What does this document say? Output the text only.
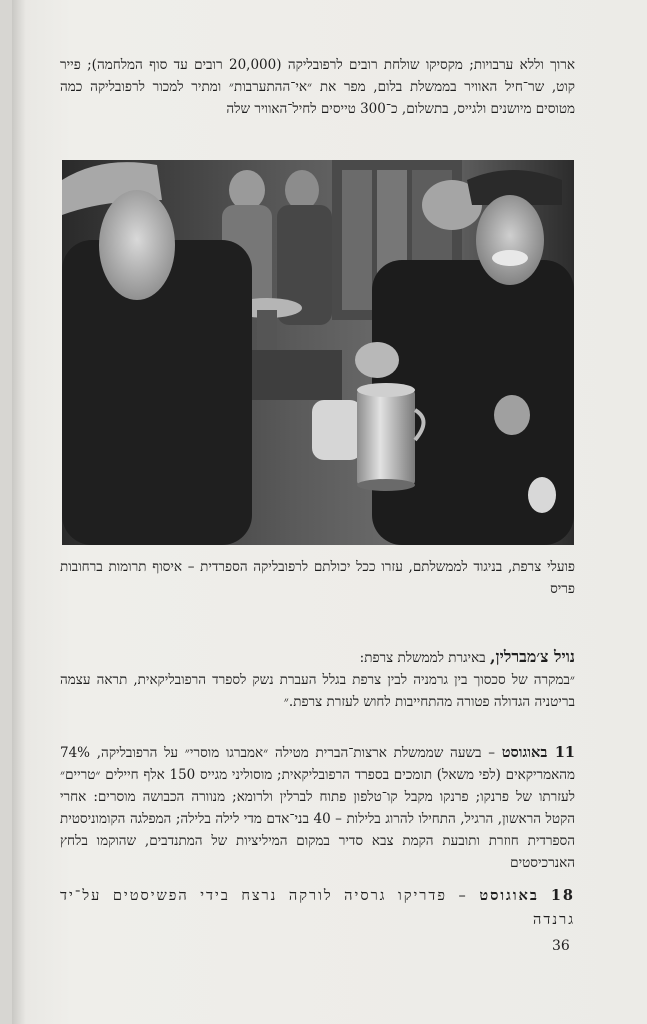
ארוך וללא ערבויות; מקסיקו שולחת רובים לרפובליקה (20,000 רובים עד סוף המלחמה); פייר קוט, שר־חיל האוויר בממשלת בלום, מפר את ״אי־ההתערבות״ ומתיר למכור לרפובליקה כמה מטוסים מיושנים ולגייס, בתשלום, כ־300 טייסים לחיל־האוויר שלה
פועלי צרפת, בניגוד לממשלתם, עזרו ככל יכולתם לרפובליקה הספרדית – איסוף תרומות ברחובות פריס
נויל צ׳מברלין, באיגרת לממשלת צרפת:
״במקרה של סכסוך בין גרמניה לבין צרפת בגלל העברת נשק לספרד הרפובליקאית, תראה עצמה בריטניה הגדולה פטורה מהתחייבות לחוש לעזרת צרפת.״
11 באוגוסט – בשעה שממשלת ארצות־הברית מטילה ״אמברגו מוסרי״ על הרפובליקה, 74% מהאמריקאים (לפי משאל) תומכים בספרד הרפובליקאית; מוסוליני מגייס 150 אלף חיילים ״טריים״ לעזרתו של פרנקו; פרנקו מקבל קו־טלפון פתוח לברלין ולרומא; מנוורה הכבושה מוסרים: אחרי הקטל הראשון, הרגיל, התחילו להרוג בלילות – 40 בני־אדם מדי לילה בלילה; המפלגה הקומוניסטית הספרדית חוזרת ותובעת הקמת צבא סדיר במקום המיליציות של המתנדבים, שהוקמו בלחץ האנרכיסטים
18 באוגוסט – פדריקו גרסיה לורקה נרצח בידי הפשיסטים על־יד גרנדה
36
